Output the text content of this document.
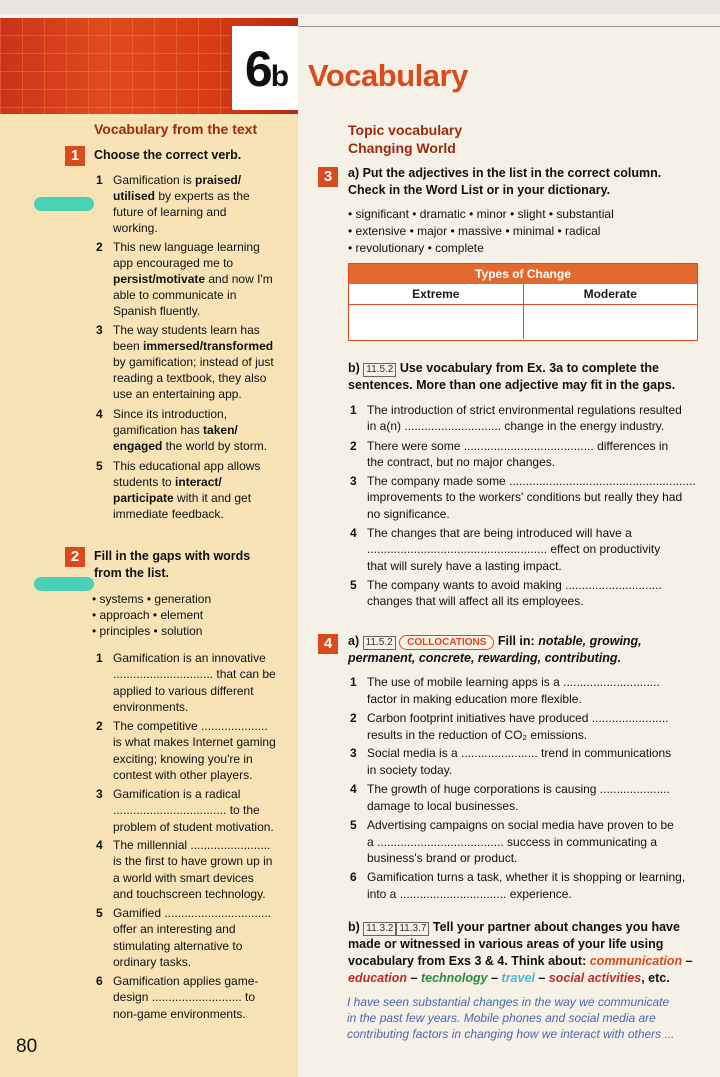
6b Vocabulary
Vocabulary from the text	Topic vocabulary
Changing World
1	Choose the correct verb.
1 Gamification is praised/
utilised by experts as the
future of learning and
working.
2 This new language learning
app encouraged me to
persist/motivate and now I'm
able to communicate in
Spanish fluently.
3 The way students learn has
been immersed/transformed
by gamification; instead of just
reading a textbook, they also
use an entertaining app.
4 Since its introduction,
gamification has taken/
engaged the world by storm.
5 This educational app allows
students to interact/
participate with it and get
immediate feedback.
2	Fill in the gaps with words
from the list.
• systems • generation
• approach • element
• principles • solution
1 Gamification is an innovative
.............................. that can be
applied to various different
environments.
2 The competitive ....................
is what makes Internet gaming
exciting; knowing you're in
contest with other players.
3 Gamification is a radical
.................................. to the
problem of student motivation.
4 The millennial ........................
is the first to have grown up in
a world with smart devices
and touchscreen technology.
5 Gamified ................................
offer an interesting and
stimulating alternative to
ordinary tasks.
6 Gamification applies game-
design ........................... to
non-game environments.
3	a) Put the adjectives in the list in the correct column.
Check in the Word List or in your dictionary.
• significant • dramatic • minor • slight • substantial
• extensive • major • massive • minimal • radical
• revolutionary • complete
Types of Change
Extreme	Moderate
b) 11.5.2 Use vocabulary from Ex. 3a to complete the
sentences. More than one adjective may fit in the gaps.
1 The introduction of strict environmental regulations resulted
in a(n) ............................. change in the energy industry.
2 There were some ....................................... differences in
the contract, but no major changes.
3 The company made some ........................................................
improvements to the workers' conditions but really they had
no significance.
4 The changes that are being introduced will have a
...................................................... effect on productivity
that will surely have a lasting impact.
5 The company wants to avoid making .............................
changes that will affect all its employees.
4	a) 11.5.2 COLLOCATIONS Fill in: notable, growing,
permanent, concrete, rewarding, contributing.
1 The use of mobile learning apps is a .............................
factor in making education more flexible.
2 Carbon footprint initiatives have produced .......................
results in the reduction of CO₂ emissions.
3 Social media is a ....................... trend in communications
in society today.
4 The growth of huge corporations is causing .....................
damage to local businesses.
5 Advertising campaigns on social media have proven to be
a ...................................... success in communicating a
business's brand or product.
6 Gamification turns a task, whether it is shopping or learning,
into a ................................ experience.
b) 11.3.2 11.3.7 Tell your partner about changes you have
made or witnessed in various areas of your life using
vocabulary from Exs 3 & 4. Think about: communication –
education – technology – travel – social activities, etc.
I have seen substantial changes in the way we communicate
in the past few years. Mobile phones and social media are
contributing factors in changing how we interact with others ...
80
